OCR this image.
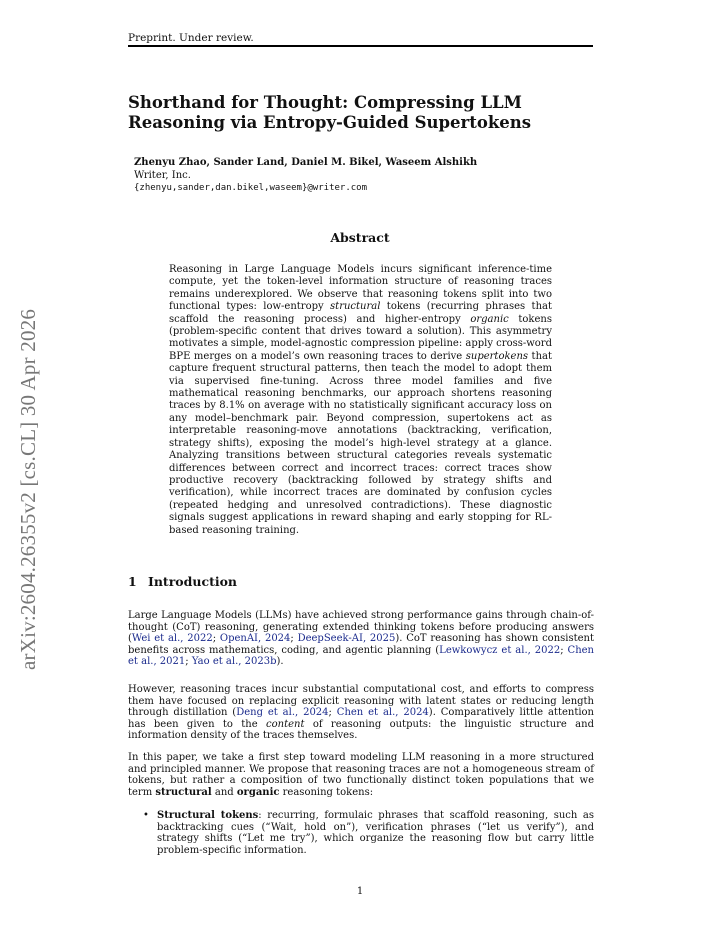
Preprint. Under review.
arXiv:2604.26355v2 [cs.CL] 30 Apr 2026
Shorthand for Thought: Compressing LLM Reasoning via Entropy-Guided Supertokens
Zhenyu Zhao, Sander Land, Daniel M. Bikel, Waseem Alshikh
Writer, Inc.
{zhenyu,sander,dan.bikel,waseem}@writer.com
Abstract
Reasoning in Large Language Models incurs significant inference-time compute, yet the token-level information structure of reasoning traces remains underexplored. We observe that reasoning tokens split into two functional types: low-entropy structural tokens (recurring phrases that scaffold the reasoning process) and higher-entropy organic tokens (problem-specific content that drives toward a solution). This asymmetry motivates a simple, model-agnostic compression pipeline: apply cross-word BPE merges on a model’s own reasoning traces to derive supertokens that capture frequent structural patterns, then teach the model to adopt them via supervised fine-tuning. Across three model families and five mathematical reasoning benchmarks, our approach shortens reasoning traces by 8.1% on average with no statistically significant accuracy loss on any model–benchmark pair. Beyond compression, supertokens act as interpretable reasoning-move annotations (backtracking, verification, strategy shifts), exposing the model’s high-level strategy at a glance. Analyzing transitions between structural categories reveals systematic differences between correct and incorrect traces: correct traces show productive recovery (backtracking followed by strategy shifts and verification), while incorrect traces are dominated by confusion cycles (repeated hedging and unresolved contradictions). These diagnostic signals suggest applications in reward shaping and early stopping for RL-based reasoning training.
1 Introduction
Large Language Models (LLMs) have achieved strong performance gains through chain-of-thought (CoT) reasoning, generating extended thinking tokens before producing answers (Wei et al., 2022; OpenAI, 2024; DeepSeek-AI, 2025). CoT reasoning has shown consistent benefits across mathematics, coding, and agentic planning (Lewkowycz et al., 2022; Chen et al., 2021; Yao et al., 2023b).
However, reasoning traces incur substantial computational cost, and efforts to compress them have focused on replacing explicit reasoning with latent states or reducing length through distillation (Deng et al., 2024; Chen et al., 2024). Comparatively little attention has been given to the content of reasoning outputs: the linguistic structure and information density of the traces themselves.
In this paper, we take a first step toward modeling LLM reasoning in a more structured and principled manner. We propose that reasoning traces are not a homogeneous stream of tokens, but rather a composition of two functionally distinct token populations that we term structural and organic reasoning tokens:
• Structural tokens: recurring, formulaic phrases that scaffold reasoning, such as backtracking cues (“Wait, hold on”), verification phrases (“let us verify”), and strategy shifts (“Let me try”), which organize the reasoning flow but carry little problem-specific information.
1
